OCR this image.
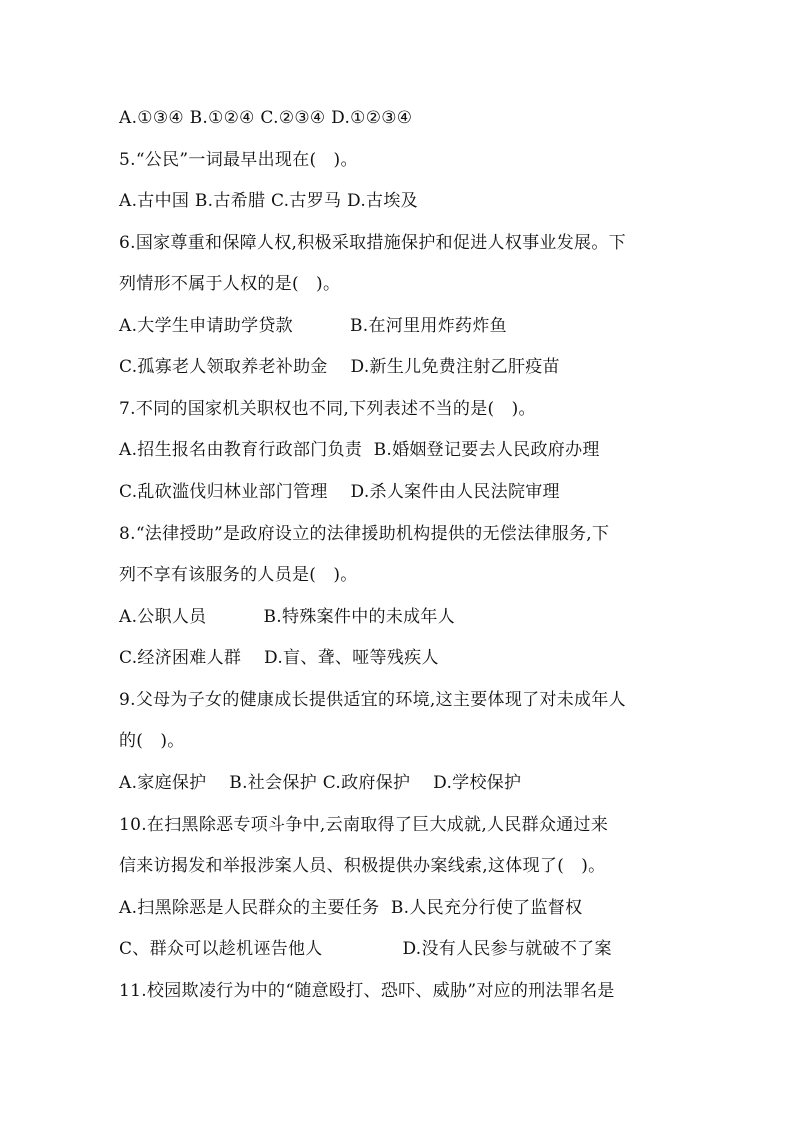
A.①③④ B.①②④ C.②③④ D.①②③④
5.“公民”一词最早出现在(   )。
A.古中国 B.古希腊 C.古罗马 D.古埃及
6.国家尊重和保障人权,积极采取措施保护和促进人权事业发展。下
列情形不属于人权的是(   )。
A.大学生申请助学贷款          B.在河里用炸药炸鱼
C.孤寡老人领取养老补助金    D.新生儿免费注射乙肝疫苗
7.不同的国家机关职权也不同,下列表述不当的是(   )。
A.招生报名由教育行政部门负责  B.婚姻登记要去人民政府办理
C.乱砍滥伐归林业部门管理    D.杀人案件由人民法院审理
8.“法律授助”是政府设立的法律援助机构提供的无偿法律服务,下
列不享有该服务的人员是(   )。
A.公职人员          B.特殊案件中的未成年人
C.经济困难人群    D.盲、聋、哑等残疾人
9.父母为子女的健康成长提供适宜的环境,这主要体现了对未成年人
的(   )。
A.家庭保护    B.社会保护 C.政府保护    D.学校保护
10.在扫黑除恶专项斗争中,云南取得了巨大成就,人民群众通过来
信来访揭发和举报涉案人员、积极提供办案线索,这体现了(   )。
A.扫黑除恶是人民群众的主要任务  B.人民充分行使了监督权
C、群众可以趁机诬告他人              D.没有人民参与就破不了案
11.校园欺凌行为中的“随意殴打、恐吓、威胁”对应的刑法罪名是
